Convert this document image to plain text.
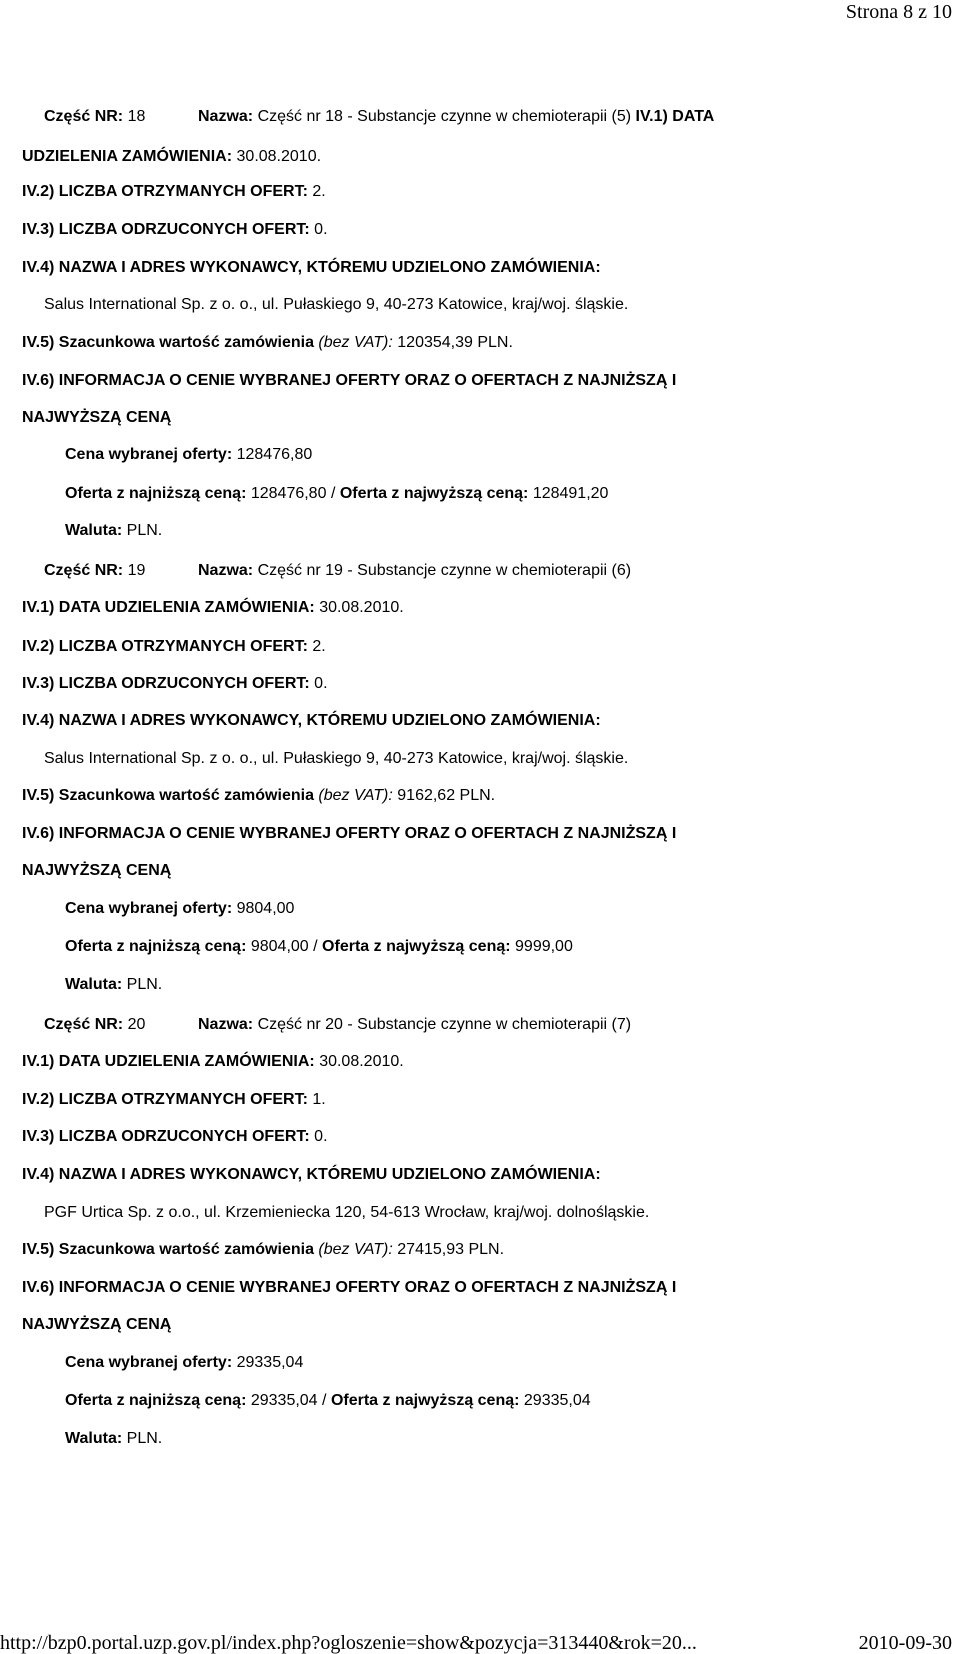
Strona 8 z 10
Część NR: 18	Nazwa: Część nr 18 - Substancje czynne w chemioterapii (5) IV.1) DATA
UDZIELENIA ZAMÓWIENIA: 30.08.2010.
IV.2) LICZBA OTRZYMANYCH OFERT: 2.
IV.3) LICZBA ODRZUCONYCH OFERT: 0.
IV.4) NAZWA I ADRES WYKONAWCY, KTÓREMU UDZIELONO ZAMÓWIENIA:
Salus International Sp. z o. o., ul. Pułaskiego 9, 40-273 Katowice, kraj/woj. śląskie.
IV.5) Szacunkowa wartość zamówienia (bez VAT): 120354,39 PLN.
IV.6) INFORMACJA O CENIE WYBRANEJ OFERTY ORAZ O OFERTACH Z NAJNIŻSZĄ I
NAJWYŻSZĄ CENĄ
Cena wybranej oferty: 128476,80
Oferta z najniższą ceną: 128476,80 / Oferta z najwyższą ceną: 128491,20
Waluta: PLN.
Część NR: 19	Nazwa: Część nr 19 - Substancje czynne w chemioterapii (6)
IV.1) DATA UDZIELENIA ZAMÓWIENIA: 30.08.2010.
IV.2) LICZBA OTRZYMANYCH OFERT: 2.
IV.3) LICZBA ODRZUCONYCH OFERT: 0.
IV.4) NAZWA I ADRES WYKONAWCY, KTÓREMU UDZIELONO ZAMÓWIENIA:
Salus International Sp. z o. o., ul. Pułaskiego 9, 40-273 Katowice, kraj/woj. śląskie.
IV.5) Szacunkowa wartość zamówienia (bez VAT): 9162,62 PLN.
IV.6) INFORMACJA O CENIE WYBRANEJ OFERTY ORAZ O OFERTACH Z NAJNIŻSZĄ I
NAJWYŻSZĄ CENĄ
Cena wybranej oferty: 9804,00
Oferta z najniższą ceną: 9804,00 / Oferta z najwyższą ceną: 9999,00
Waluta: PLN.
Część NR: 20	Nazwa: Część nr 20 - Substancje czynne w chemioterapii (7)
IV.1) DATA UDZIELENIA ZAMÓWIENIA: 30.08.2010.
IV.2) LICZBA OTRZYMANYCH OFERT: 1.
IV.3) LICZBA ODRZUCONYCH OFERT: 0.
IV.4) NAZWA I ADRES WYKONAWCY, KTÓREMU UDZIELONO ZAMÓWIENIA:
PGF Urtica Sp. z o.o., ul. Krzemieniecka 120, 54-613 Wrocław, kraj/woj. dolnośląskie.
IV.5) Szacunkowa wartość zamówienia (bez VAT): 27415,93 PLN.
IV.6) INFORMACJA O CENIE WYBRANEJ OFERTY ORAZ O OFERTACH Z NAJNIŻSZĄ I
NAJWYŻSZĄ CENĄ
Cena wybranej oferty: 29335,04
Oferta z najniższą ceną: 29335,04 / Oferta z najwyższą ceną: 29335,04
Waluta: PLN.
http://bzp0.portal.uzp.gov.pl/index.php?ogloszenie=show&pozycja=313440&rok=20...	2010-09-30
